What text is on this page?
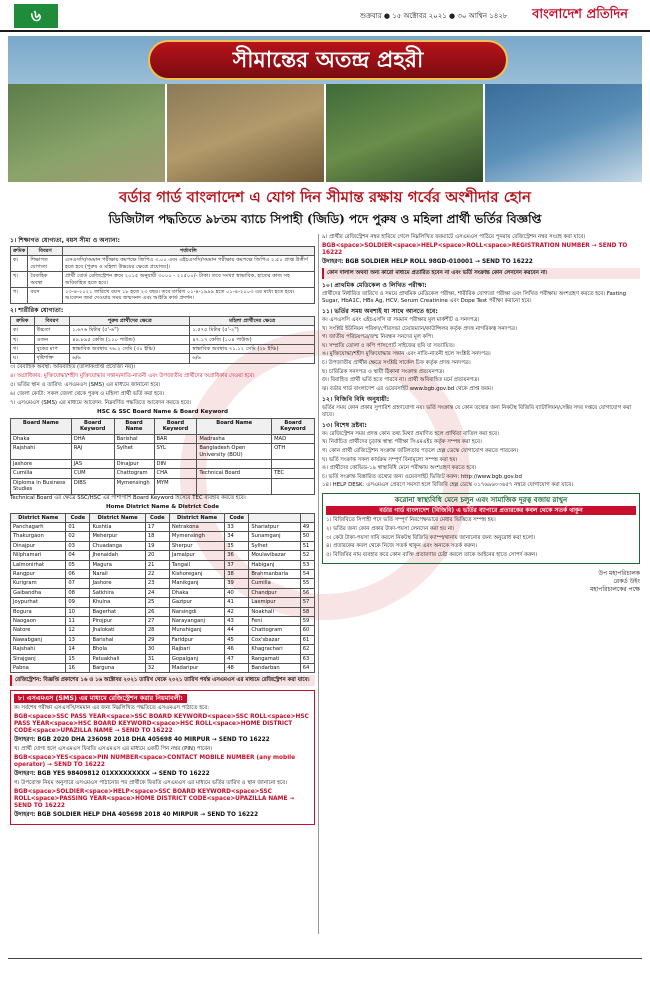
৬	শুক্রবার ● ১৫ অক্টোবর ২০২১ ● ৩০ আশ্বিন ১৪২৮	বাংলাদেশ প্রতিদিন
সীমান্তের অতন্দ্র প্রহরী
বর্ডার গার্ড বাংলাদেশ এ যোগ দিন সীমান্ত রক্ষায় গর্বের অংশীদার হোন
ডিজিটাল পদ্ধতিতে ৯৮তম ব্যাচে সিপাহী (জিডি) পদে পুরুষ ও মহিলা প্রার্থী ভর্তির বিজ্ঞপ্তি
১। শিক্ষাগত যোগ্যতা, বয়স সীমা ও অন্যান্য:
ক্রমিক	বিবরণ	শর্তাবলি
ক।	শিক্ষাগত যোগ্যতা	এসএসসি/সমমান পরীক্ষায় কমপক্ষে জিপিএ ৩.০০ এবং এইচএসসি/সমমান পরীক্ষায় কমপক্ষে জিপিএ ২.৫০ প্রাপ্ত উত্তীর্ণ হতে হবে (পুরুষ ও মহিলা উভয়ের ক্ষেত্রে প্রযোজ্য)।
খ।	বৈবাহিক অবস্থা	প্রার্থী বোর্ড রেজিস্ট্রেশন ক্রমে ২০১৫ অনুযায়ী ৩০০০ - ২১৫০০/- টাকা। তবে সংখ্যা স্বাভাবিক, হাতের কাজ সহ অবিবাহিত হতে হবে।
গ।	বয়স	১৩-৪-২০২১ তারিখে বয়স ১৮ হতে ২৩ বছর। তবে তারিখ ০১-৪-১৯৯৯ হতে ০১-৪-২০০৩ এর মধ্যে হতে হবে। আবেদন জমা দেওয়ার সময় জন্মসনদ এবং আইডি কার্ড প্রদর্শন।
২। শারীরিক যোগ্যতা:
ক্রমিক	বিবরণ	পুরুষ প্রার্থীদের ক্ষেত্রে	মহিলা প্রার্থীদের ক্ষেত্রে
ক।	উচ্চতা	১.৬৭৬ মিটার (৫'-৬")	১.৫৭৫ মিটার (৫'-২")
খ।	ওজন	৪৯.৮৯৫ কেজি (১১০ পাউন্ড)	৪৭.১৭ কেজি (১০৪ পাউন্ড)
গ।	বুকের মাপ	স্বাভাবিক অবস্থায় ৭৬.২ সেমি (৩০ ইঞ্চি)	স্বাভাবিক অবস্থায় ৭১.১২ সেমি (২৮ ইঞ্চি)
ঘ।	দৃষ্টিশক্তি	৬/৬	৬/৬
৩। বৈবাহিক অবস্থা: অবিবাহিত (তালাকপ্রাপ্ত প্রযোজ্য নয়)।
৪। অগ্রাধিকার: মুক্তিযোদ্ধা/শহীদ মুক্তিযোদ্ধার সন্তান/নাতি-নাতনী এবং উপজাতীয় প্রার্থীদের অগ্রাধিকার দেওয়া হবে।
৫। ভর্তির স্থান ও তারিখ: এসএমএস (SMS) এর মাধ্যমে জানানো হবে।
৬। জেলা কোটা: সকল জেলা থেকে পুরুষ ও মহিলা প্রার্থী ভর্তি করা হবে।
৭। এসএমএস (SMS) এর মাধ্যমে আবেদন: নিম্নবর্ণিত পদ্ধতিতে আবেদন করতে হবে।
HSC & SSC Board Name & Board Keyword
Board Name	Board Keyword	Board Name	Board Keyword	Board Name	Board Keyword
Dhaka	DHA	Barishal	BAR	Madrasha	MAD
Rajshahi	RAJ	Sylhet	SYL	Bangladesh Open University (BOU)	OTH
Jashore	JAS	Dinajpur	DIN		
Cumilla	CUM	Chattogram	CHA	Technical Board	TEC
Diploma in Business Studies	DIBS	Mymensingh	MYM		
Technical Board এর ক্ষেত্রে SSC/HSC এর পাশাপাশি Board Keyword হিসেবে TEC ব্যবহার করতে হবে।
Home District Name & District Code
District Name	Code	District Name	Code	District Name	Code		
Panchagarh	01	Kushtia	17	Netrakona	33	Shariatpur	49
Thakurgaon	02	Meherpur	18	Mymensingh	34	Sunamganj	50
Dinajpur	03	Chuadanga	19	Sherpur	35	Sylhet	51
Nilphamari	04	Jhenaidah	20	Jamalpur	36	Moulavibazar	52
Lalmonirhat	05	Magura	21	Tangail	37	Habiganj	53
Rangpur	06	Narail	22	Kishoreganj	38	Brahmanbaria	54
Kurigram	07	Jashore	23	Manikganj	39	Cumilla	55
Gaibandha	08	Satkhira	24	Dhaka	40	Chandpur	56
Joypurhat	09	Khulna	25	Gazipur	41	Laxmipur	57
Bogura	10	Bagerhat	26	Narsingdi	42	Noakhali	58
Naogaon	11	Pirojpur	27	Narayanganj	43	Feni	59
Natore	12	Jhalokati	28	Munshiganj	44	Chattogram	60
Nawabganj	13	Barishal	29	Faridpur	45	Cox'sbazar	61
Rajshahi	14	Bhola	30	Rajbari	46	Khagrachari	62
Sirajganj	15	Patuakhali	31	Gopalganj	47	Rangamati	63
Pabna	16	Barguna	32	Madaripur	48	Bandarban	64
রেজিস্ট্রেশন: বিজ্ঞপ্তি প্রকাশের ১৬ ও ১৬ অক্টোবর ২০২১ তারিখ থেকে ২০২১ তারিখ পর্যন্ত এসএমএস এর মাধ্যমে রেজিস্ট্রেশন করা যাবে।
৮। এসএমএস (SMS) এর মাধ্যমে রেজিস্ট্রেশন করার নিয়মাবলী:
ক। সর্বশেষ পরীক্ষা এসএসসি/সমমান এর জন্য নিম্নলিখিত পদ্ধতিতে এসএমএস পাঠাতে হবে:
BGB<space>SSC PASS YEAR<space>SSC BOARD KEYWORD<space>SSC ROLL<space>HSC PASS YEAR<space>HSC BOARD KEYWORD<space>HSC ROLL<space>HOME DISTRICT CODE<space>UPAZILLA NAME → SEND TO 16222
উদাহরণ: BGB 2020 DHA 236098 2018 DHA 405698 40 MIRPUR → SEND TO 16222
খ। প্রার্থী যোগ্য হলে এসএমএস ফিরতি এসএমএস এর মাধ্যমে একটি পিন নম্বর (PIN) পাবেন।
BGB<space>YES<space>PIN NUMBER<space>CONTACT MOBILE NUMBER (any mobile operator) → SEND TO 16222
উদাহরণ: BGB YES 98409812 01XXXXXXXXX → SEND TO 16222
গ। উপরোক্ত নিয়ম অনুসারে এসএমএস পাঠানোর পর প্রার্থীকে ফিরতি এসএমএস এর মাধ্যমে ভর্তির তারিখ ও স্থান জানানো হবে।
BGB<space>SOLDIER<space>HELP<space>SSC BOARD KEYWORD<space>SSC ROLL<space>PASSING YEAR<space>HOME DISTRICT CODE<space>UPAZILLA NAME → SEND TO 16222
উদাহরণ: BGB SOLDIER HELP DHA 405698 2018 40 MIRPUR → SEND TO 16222
৯। প্রার্থীর রেজিস্ট্রেশন নম্বর হারিয়ে গেলে নিম্নলিখিত ফরম্যাটে এসএমএস পাঠিয়ে পুনরায় রেজিস্ট্রেশন নম্বর সংগ্রহ করা যাবে।
BGB<space>SOLDIER<space>HELP<space>ROLL<space>REGISTRATION NUMBER → SEND TO 16222
উদাহরণ: BGB SOLDIER HELP ROLL 98GD-010001 → SEND TO 16222
কোন দালাল অথবা অন্য কারো মাধ্যমে প্রতারিত হবেন না এবং ভর্তি সংক্রান্ত কোন লেনদেন করবেন না।
১০। প্রাথমিক মেডিকেল ও লিখিত পরীক্ষা:
প্রার্থীদের নির্ধারিত তারিখে ও সময়ে প্রাথমিক মেডিকেল পরীক্ষা, শারীরিক যোগ্যতা পরীক্ষা এবং লিখিত পরীক্ষায় অংশগ্রহণ করতে হবে। Fasting Sugar, HbA1C, HBs Ag, HCV, Serum Creatinine এবং Dope Test পরীক্ষা করানো হবে।
১১। ভর্তির সময় অবশ্যই যা সাথে আনতে হবে:
ক। এসএসসি এবং এইচএসসি বা সমমান পরীক্ষার মূল মার্কশীট ও সনদপত্র।
খ। সংশ্লিষ্ট ইউনিয়ন পরিষদ/পৌরসভা চেয়ারম্যান/কাউন্সিলর কর্তৃক প্রদত্ত নাগরিকত্ব সনদপত্র।
গ। জাতীয় পরিচয়পত্র/জন্ম নিবন্ধন সনদের মূল কপি।
ঘ। সম্প্রতি তোলা ৫ কপি পাসপোর্ট সাইজের ছবি যা সত্যায়িত।
ঙ। মুক্তিযোদ্ধা/শহীদ মুক্তিযোদ্ধার সন্তান এবং নাতি-নাতনী হলে সংশ্লিষ্ট সনদপত্র।
চ। উপজাতীয় প্রার্থীর ক্ষেত্রে সংশ্লিষ্ট সার্কেল চিফ কর্তৃক প্রদত্ত সনদপত্র।
ছ। চারিত্রিক সনদপত্র ও স্থায়ী ঠিকানা সংক্রান্ত প্রত্যয়নপত্র।
জ। বিবাহিত প্রার্থী ভর্তি হতে পারবে না। প্রার্থী অবিবাহিত মর্মে প্রত্যয়নপত্র।
ঝ। বর্ডার গার্ড বাংলাদেশ এর ওয়েবসাইট www.bgb.gov.bd থেকে প্রাপ্ত ফরম।
১২। বিজিবি বিধি অনুযায়ী:
ভর্তির সময় কোন প্রকার সুপারিশ গ্রহণযোগ্য নয়। ভর্তি সংক্রান্ত যে কোন তথ্যের জন্য নিকটস্থ বিজিবি ব্যাটালিয়ন/সেক্টর সদর দপ্তরে যোগাযোগ করা যাবে।
১৩। বিশেষ দ্রষ্টব্য:
ক। রেজিস্ট্রেশন সময় প্রদত্ত কোন তথ্য মিথ্যা প্রমাণিত হলে প্রার্থিতা বাতিল করা হবে।
খ। নির্বাচিত প্রার্থীদের চূড়ান্ত স্বাস্থ্য পরীক্ষা সিএমএইচ কর্তৃক সম্পন্ন করা হবে।
গ। কোন প্রার্থী রেজিস্ট্রেশন সংক্রান্ত জটিলতায় পড়লে হেল্প ডেস্কে যোগাযোগ করতে পারবেন।
ঘ। ভর্তি সংক্রান্ত সকল কার্যক্রম সম্পূর্ণ বিনামূল্যে সম্পন্ন করা হয়।
ঙ। প্রার্থীদের কোভিড-১৯ স্বাস্থ্যবিধি মেনে পরীক্ষায় অংশগ্রহণ করতে হবে।
চ। ভর্তি সংক্রান্ত বিস্তারিত তথ্যের জন্য ওয়েবসাইট ভিজিট করুন: http://www.bgb.gov.bd
১৪। HELP DESK: এসএমএস প্রেরণে সমস্যা হলে বিজিবি হেল্প ডেস্কে ০১৭৬৯৬০৩৬৫৭ নম্বরে যোগাযোগ করা যাবে।
করোনা স্বাস্থ্যবিধি মেনে চলুন এবং সামাজিক দূরত্ব বজায় রাখুন
বর্ডার গার্ড বাংলাদেশ (বিজিবি) এ ভর্তির ব্যাপারে প্রতারকের কবল থেকে সতর্ক থাকুন
১। বিজিবিতে সিপাহী পদে ভর্তি সম্পূর্ণ নিরপেক্ষভাবে মেধার ভিত্তিতে সম্পন্ন হয়।
২। ভর্তির জন্য কোন প্রকার টাকা-পয়সা লেনদেন করা হয় না।
৩। কেউ টাকা-পয়সা দাবি করলে নিকটস্থ বিজিবি ক্যাম্প/থানায় জানানোর জন্য অনুরোধ করা হলো।
৪। প্রতারকের কবল থেকে নিজে সতর্ক থাকুন এবং অন্যকে সতর্ক করুন।
৫। বিজিবির নাম ব্যবহার করে কোন ব্যক্তি প্রতারণার চেষ্টা করলে তাকে আইনের হাতে সোপর্দ করুন।
উপ মহাপরিচালক
রেকর্ড উইং
মহাপরিচালকের পক্ষে
